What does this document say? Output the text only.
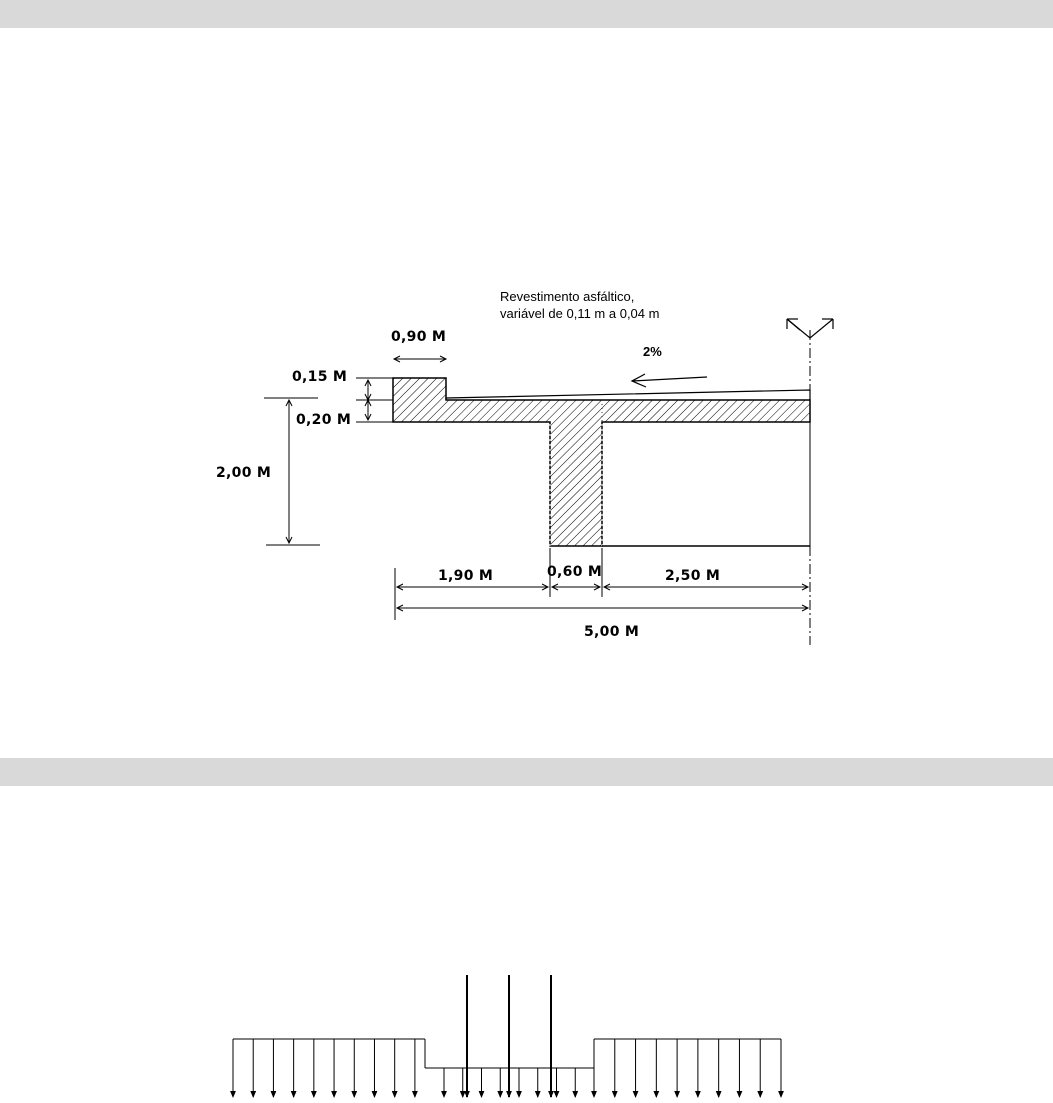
2%
Revestimento asfáltico,
variável de 0,11 m a 0,04 m
0,90 M
0,15 M
0,20 M
2,00 M
1,90 M	0,60 M	2,50 M
5,00 M
